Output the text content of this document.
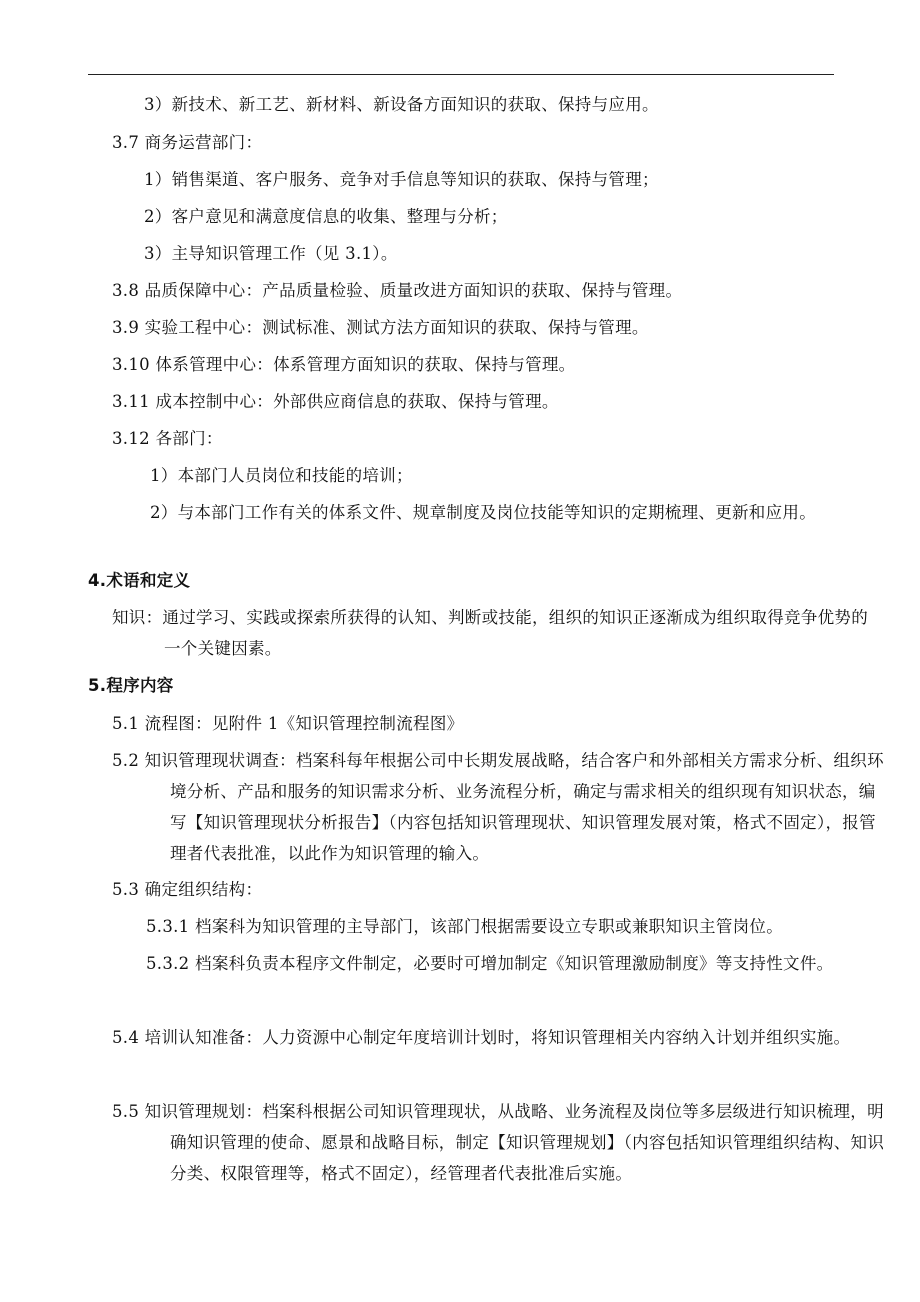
3）新技术、新工艺、新材料、新设备方面知识的获取、保持与应用。
3.7 商务运营部门：
1）销售渠道、客户服务、竞争对手信息等知识的获取、保持与管理；
2）客户意见和满意度信息的收集、整理与分析；
3）主导知识管理工作（见 3.1）。
3.8 品质保障中心：产品质量检验、质量改进方面知识的获取、保持与管理。
3.9 实验工程中心：测试标准、测试方法方面知识的获取、保持与管理。
3.10 体系管理中心：体系管理方面知识的获取、保持与管理。
3.11 成本控制中心：外部供应商信息的获取、保持与管理。
3.12 各部门：
1）本部门人员岗位和技能的培训；
2）与本部门工作有关的体系文件、规章制度及岗位技能等知识的定期梳理、更新和应用。
4.术语和定义
知识：通过学习、实践或探索所获得的认知、判断或技能，组织的知识正逐渐成为组织取得竞争优势的一个关键因素。
5.程序内容
5.1 流程图：见附件 1《知识管理控制流程图》
5.2 知识管理现状调查：档案科每年根据公司中长期发展战略，结合客户和外部相关方需求分析、组织环境分析、产品和服务的知识需求分析、业务流程分析，确定与需求相关的组织现有知识状态，编写【知识管理现状分析报告】（内容包括知识管理现状、知识管理发展对策，格式不固定），报管理者代表批准，以此作为知识管理的输入。
5.3 确定组织结构：
5.3.1 档案科为知识管理的主导部门，该部门根据需要设立专职或兼职知识主管岗位。
5.3.2 档案科负责本程序文件制定，必要时可增加制定《知识管理激励制度》等支持性文件。
5.4 培训认知准备：人力资源中心制定年度培训计划时，将知识管理相关内容纳入计划并组织实施。
5.5 知识管理规划：档案科根据公司知识管理现状，从战略、业务流程及岗位等多层级进行知识梳理，明确知识管理的使命、愿景和战略目标，制定【知识管理规划】（内容包括知识管理组织结构、知识分类、权限管理等，格式不固定），经管理者代表批准后实施。
